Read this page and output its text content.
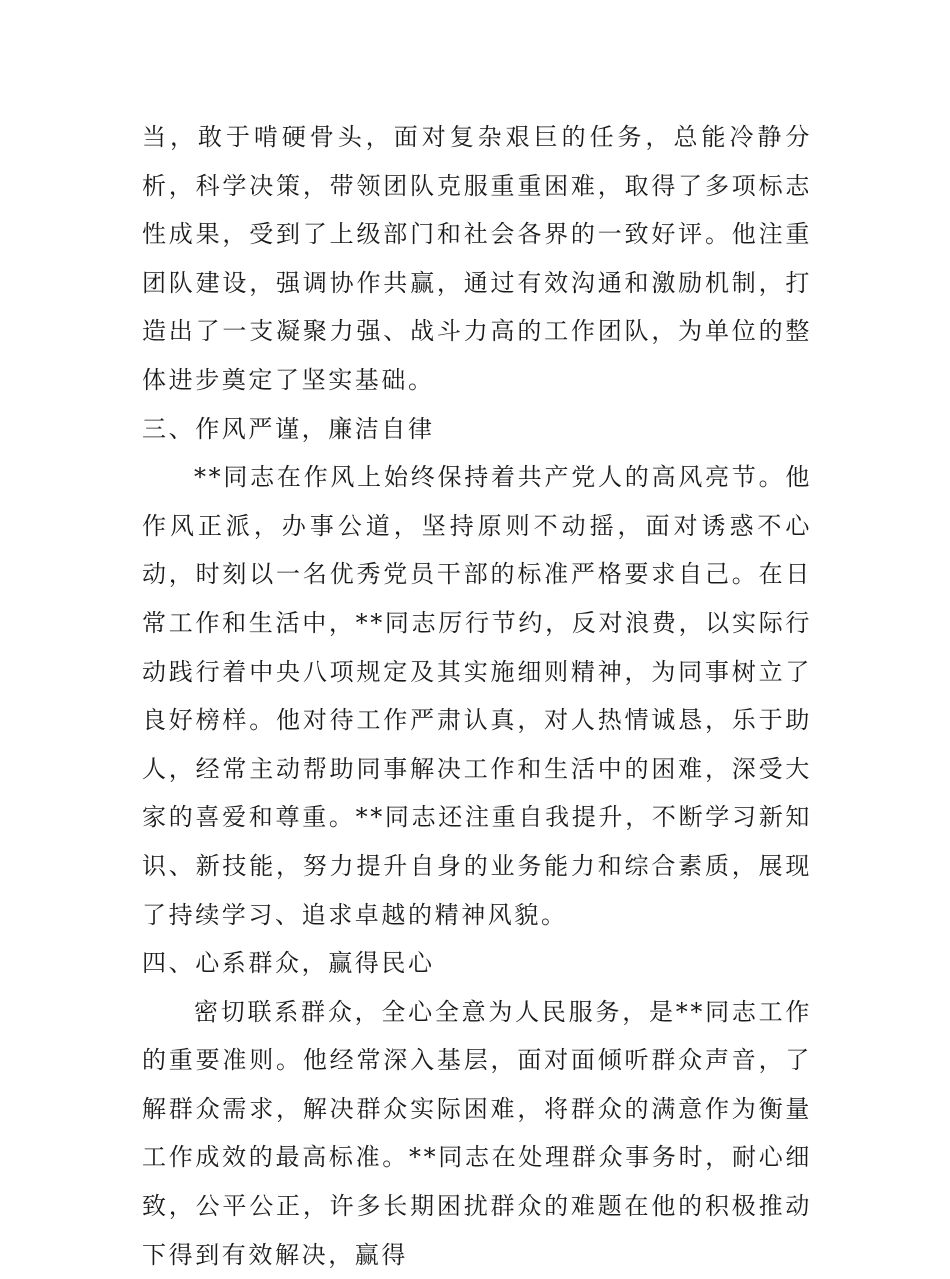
当，敢于啃硬骨头，面对复杂艰巨的任务，总能冷静分析，科学决策，带领团队克服重重困难，取得了多项标志性成果，受到了上级部门和社会各界的一致好评。他注重团队建设，强调协作共赢，通过有效沟通和激励机制，打造出了一支凝聚力强、战斗力高的工作团队，为单位的整体进步奠定了坚实基础。

三、作风严谨，廉洁自律

**同志在作风上始终保持着共产党人的高风亮节。他作风正派，办事公道，坚持原则不动摇，面对诱惑不心动，时刻以一名优秀党员干部的标准严格要求自己。在日常工作和生活中，**同志厉行节约，反对浪费，以实际行动践行着中央八项规定及其实施细则精神，为同事树立了良好榜样。他对待工作严肃认真，对人热情诚恳，乐于助人，经常主动帮助同事解决工作和生活中的困难，深受大家的喜爱和尊重。**同志还注重自我提升，不断学习新知识、新技能，努力提升自身的业务能力和综合素质，展现了持续学习、追求卓越的精神风貌。

四、心系群众，赢得民心

密切联系群众，全心全意为人民服务，是**同志工作的重要准则。他经常深入基层，面对面倾听群众声音，了解群众需求，解决群众实际困难，将群众的满意作为衡量工作成效的最高标准。**同志在处理群众事务时，耐心细致，公平公正，许多长期困扰群众的难题在他的积极推动下得到有效解决，赢得
